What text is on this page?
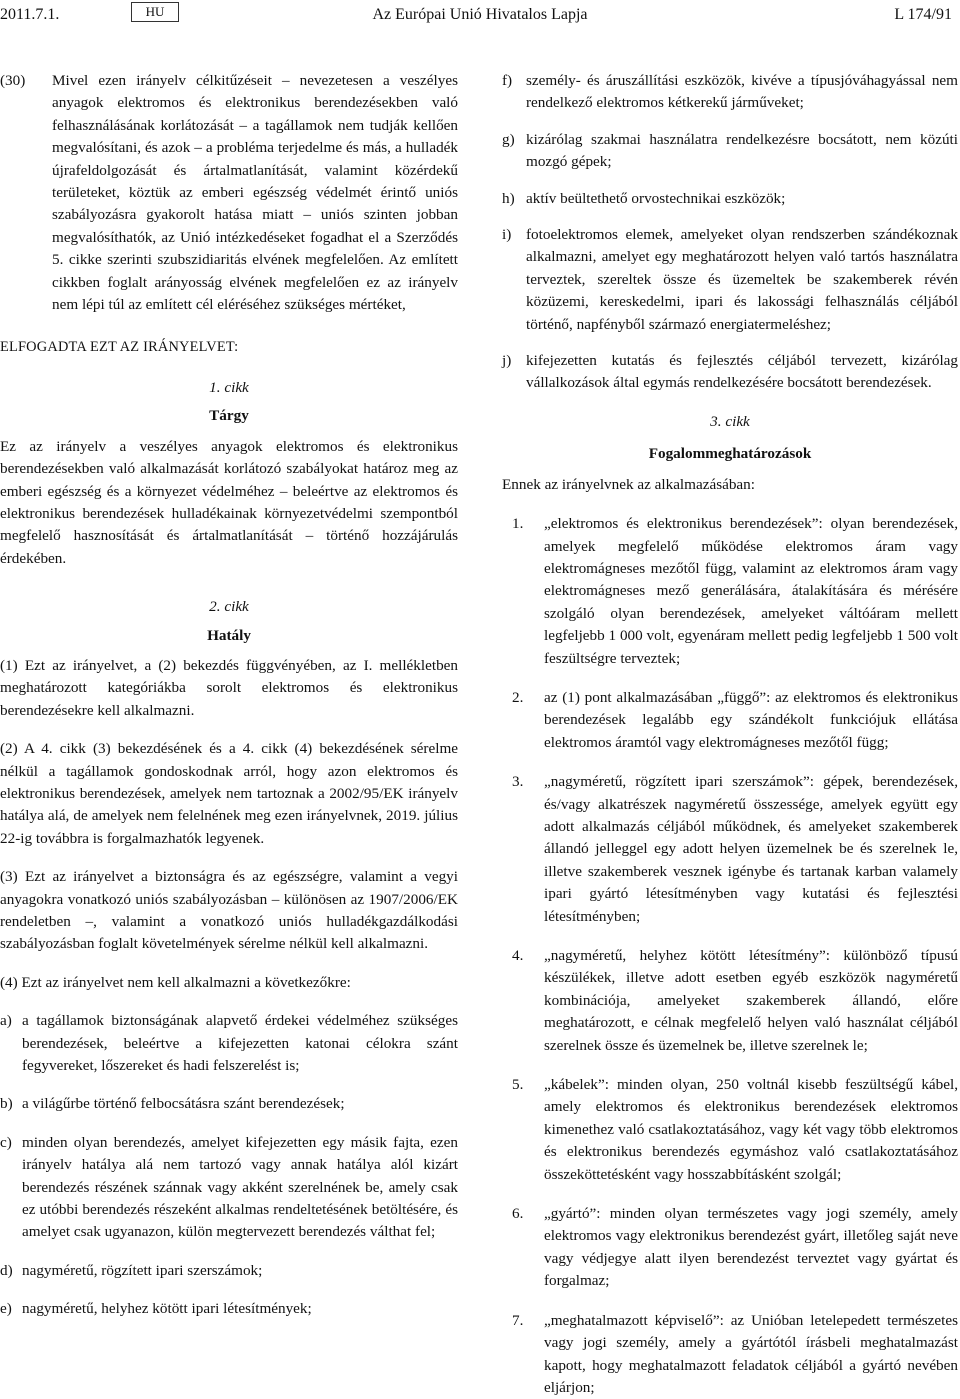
2011.7.1.	HU	Az Európai Unió Hivatalos Lapja	L 174/91
(30)	Mivel ezen irányelv célkitűzéseit – nevezetesen a veszélyes anyagok elektromos és elektronikus berendezésekben való felhasználásának korlátozását – a tagállamok nem tudják kellően megvalósítani, és azok – a probléma terjedelme és más, a hulladék újrafeldolgozását és ártalmatlanítását, valamint közérdekű területeket, köztük az emberi egészség védelmét érintő uniós szabályozásra gyakorolt hatása miatt – uniós szinten jobban megvalósíthatók, az Unió intézkedéseket fogadhat el a Szerződés 5. cikke szerinti szubszidiaritás elvének megfelelően. Az említett cikkben foglalt arányosság elvének megfelelően ez az irányelv nem lépi túl az említett cél eléréséhez szükséges mértéket,

ELFOGADTA EZT AZ IRÁNYELVET:

1. cikk
Tárgy

Ez az irányelv a veszélyes anyagok elektromos és elektronikus berendezésekben való alkalmazását korlátozó szabályokat határoz meg az emberi egészség és a környezet védelméhez – beleértve az elektromos és elektronikus berendezések hulladékainak környezetvédelmi szempontból megfelelő hasznosítását és ártalmatlanítását – történő hozzájárulás érdekében.

2. cikk
Hatály

(1) Ezt az irányelvet, a (2) bekezdés függvényében, az I. mellékletben meghatározott kategóriákba sorolt elektromos és elektronikus berendezésekre kell alkalmazni.

(2) A 4. cikk (3) bekezdésének és a 4. cikk (4) bekezdésének sérelme nélkül a tagállamok gondoskodnak arról, hogy azon elektromos és elektronikus berendezések, amelyek nem tartoznak a 2002/95/EK irányelv hatálya alá, de amelyek nem felelnének meg ezen irányelvnek, 2019. július 22-ig továbbra is forgalmazhatók legyenek.

(3) Ezt az irányelvet a biztonságra és az egészségre, valamint a vegyi anyagokra vonatkozó uniós szabályozásban – különösen az 1907/2006/EK rendeletben –, valamint a vonatkozó uniós hulladékgazdálkodási szabályozásban foglalt követelmények sérelme nélkül kell alkalmazni.

(4) Ezt az irányelvet nem kell alkalmazni a következőkre:

a) a tagállamok biztonságának alapvető érdekei védelméhez szükséges berendezések, beleértve a kifejezetten katonai célokra szánt fegyvereket, lőszereket és hadi felszerelést is;
b) a világűrbe történő felbocsátásra szánt berendezések;
c) minden olyan berendezés, amelyet kifejezetten egy másik fajta, ezen irányelv hatálya alá nem tartozó vagy annak hatálya alól kizárt berendezés részének szánnak vagy akként szerelnének be, amely csak ez utóbbi berendezés részeként alkalmas rendeltetésének betöltésére, és amelyet csak ugyanazon, külön megtervezett berendezés válthat fel;
d) nagyméretű, rögzített ipari szerszámok;
e) nagyméretű, helyhez kötött ipari létesítmények;
f) személy- és áruszállítási eszközök, kivéve a típusjóváhagyással nem rendelkező elektromos kétkerekű járműveket;
g) kizárólag szakmai használatra rendelkezésre bocsátott, nem közúti mozgó gépek;
h) aktív beültethető orvostechnikai eszközök;
i) fotoelektromos elemek, amelyeket olyan rendszerben szándékoznak alkalmazni, amelyet egy meghatározott helyen való tartós használatra terveztek, szereltek össze és üzemeltek be szakemberek révén közüzemi, kereskedelmi, ipari és lakossági felhasználás céljából történő, napfényből származó energiatermeléshez;
j) kifejezetten kutatás és fejlesztés céljából tervezett, kizárólag vállalkozások által egymás rendelkezésére bocsátott berendezések.
3. cikk
Fogalommeghatározások

Ennek az irányelvnek az alkalmazásában:

1.	„elektromos és elektronikus berendezések”: olyan berendezések, amelyek megfelelő működése elektromos áram vagy elektromágneses mezőtől függ, valamint az elektromos áram vagy elektromágneses mező generálására, átalakítására és mérésére szolgáló olyan berendezések, amelyeket váltóáram mellett legfeljebb 1 000 volt, egyenáram mellett pedig legfeljebb 1 500 volt feszültségre terveztek;
2.	az (1) pont alkalmazásában „függő”: az elektromos és elektronikus berendezések legalább egy szándékolt funkciójuk ellátása elektromos áramtól vagy elektromágneses mezőtől függ;
3.	„nagyméretű, rögzített ipari szerszámok”: gépek, berendezések, és/vagy alkatrészek nagyméretű összessége, amelyek együtt egy adott alkalmazás céljából működnek, és amelyeket szakemberek állandó jelleggel egy adott helyen üzemelnek be és szerelnek le, illetve szakemberek vesznek igénybe és tartanak karban valamely ipari gyártó létesítményben vagy kutatási és fejlesztési létesítményben;
4.	„nagyméretű, helyhez kötött létesítmény”: különböző típusú készülékek, illetve adott esetben egyéb eszközök nagyméretű kombinációja, amelyeket szakemberek állandó, előre meghatározott, e célnak megfelelő helyen való használat céljából szerelnek össze és üzemelnek be, illetve szerelnek le;
5.	„kábelek”: minden olyan, 250 voltnál kisebb feszültségű kábel, amely elektromos és elektronikus berendezések elektromos kimenethez való csatlakoztatásához, vagy két vagy több elektromos és elektronikus berendezés egymáshoz való csatlakoztatásához összeköttetésként vagy hosszabbításként szolgál;
6.	„gyártó”: minden olyan természetes vagy jogi személy, amely elektromos vagy elektronikus berendezést gyárt, illetőleg saját neve vagy védjegye alatt ilyen berendezést terveztet vagy gyártat és forgalmaz;
7.	„meghatalmazott képviselő”: az Unióban letelepedett természetes vagy jogi személy, amely a gyártótól írásbeli meghatalmazást kapott, hogy meghatalmazott feladatok céljából a gyártó nevében eljárjon;
